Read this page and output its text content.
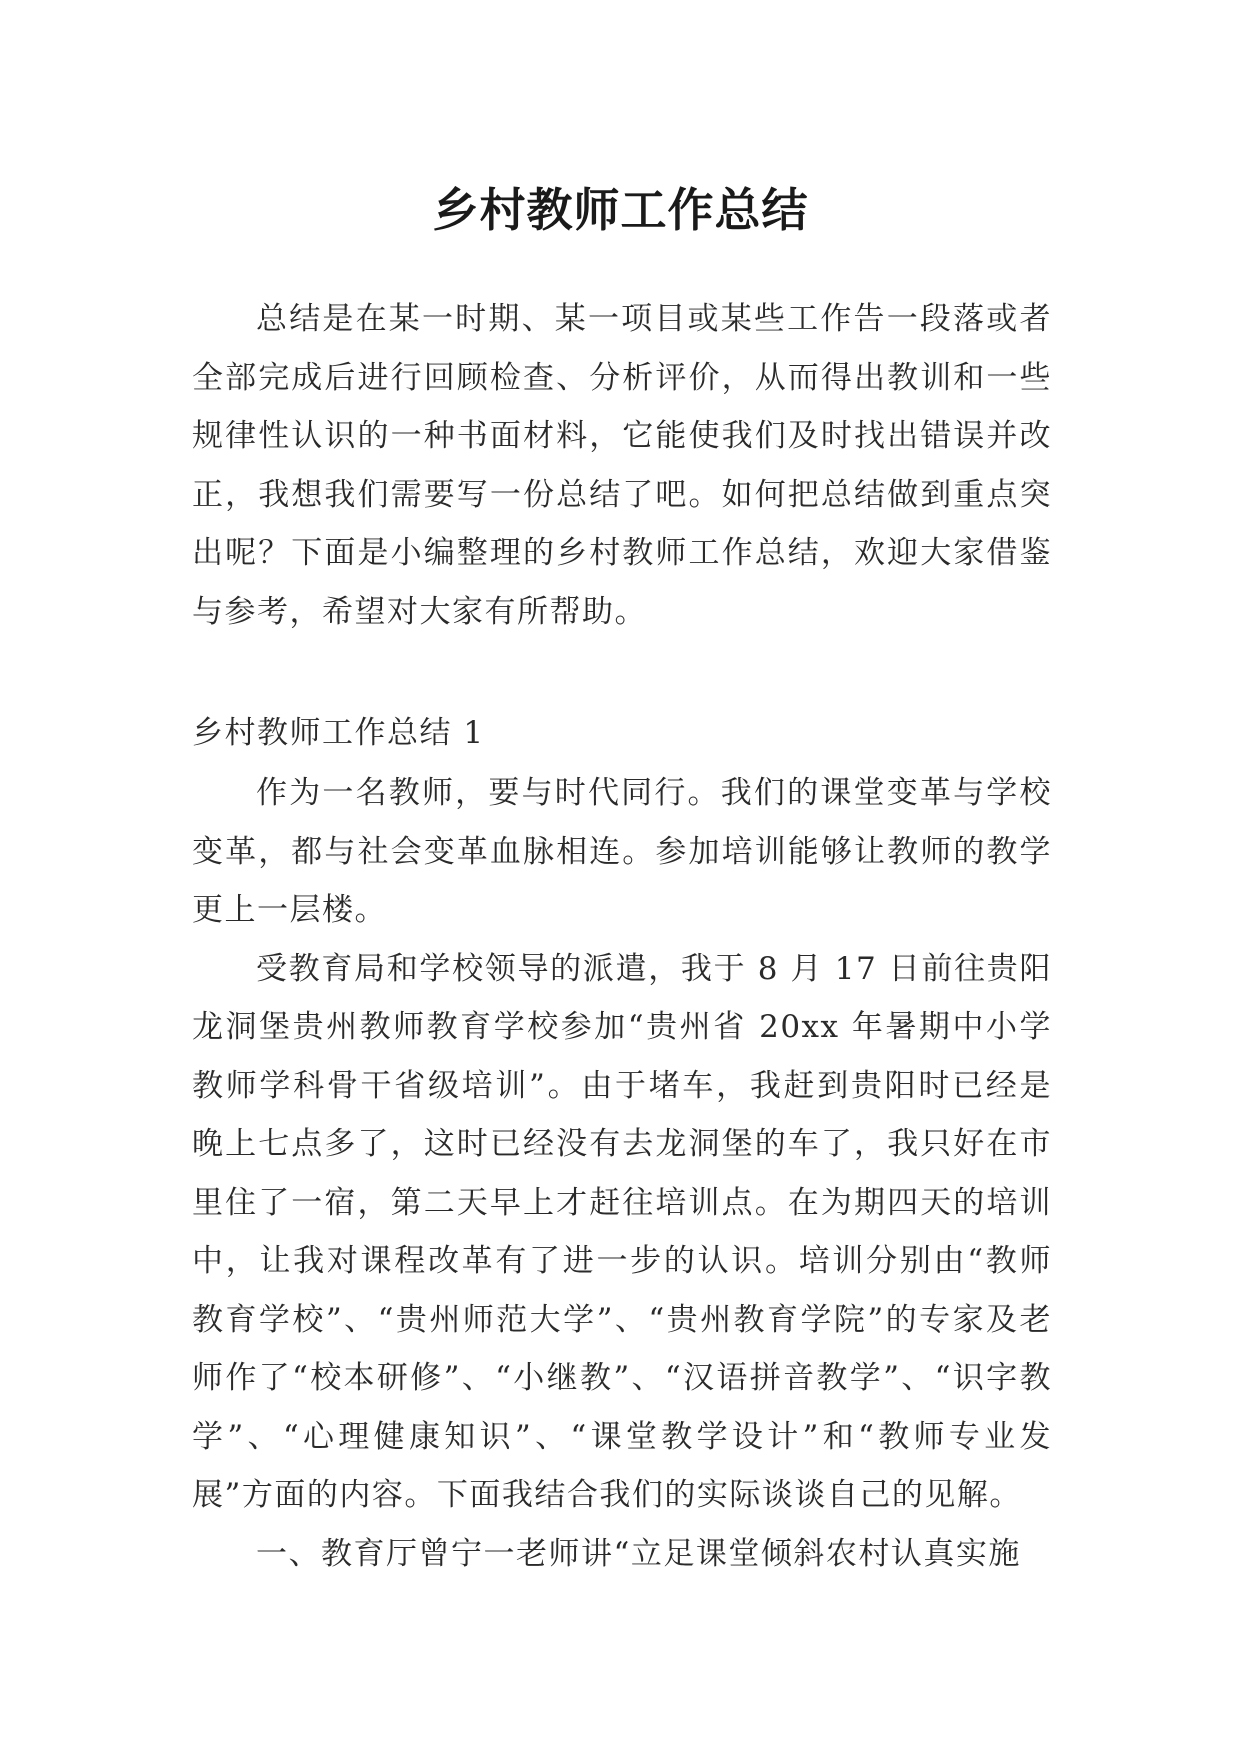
乡村教师工作总结

总结是在某一时期、某一项目或某些工作告一段落或者全部完成后进行回顾检查、分析评价，从而得出教训和一些规律性认识的一种书面材料，它能使我们及时找出错误并改正，我想我们需要写一份总结了吧。如何把总结做到重点突出呢？下面是小编整理的乡村教师工作总结，欢迎大家借鉴与参考，希望对大家有所帮助。

乡村教师工作总结 1

作为一名教师，要与时代同行。我们的课堂变革与学校变革，都与社会变革血脉相连。参加培训能够让教师的教学更上一层楼。

受教育局和学校领导的派遣，我于 8 月 17 日前往贵阳龙洞堡贵州教师教育学校参加“贵州省 20xx 年暑期中小学教师学科骨干省级培训”。由于堵车，我赶到贵阳时已经是晚上七点多了，这时已经没有去龙洞堡的车了，我只好在市里住了一宿，第二天早上才赶往培训点。在为期四天的培训中，让我对课程改革有了进一步的认识。培训分别由“教师教育学校”、“贵州师范大学”、“贵州教育学院”的专家及老师作了“校本研修”、“小继教”、“汉语拼音教学”、“识字教学”、“心理健康知识”、“课堂教学设计”和“教师专业发展”方面的内容。下面我结合我们的实际谈谈自己的见解。

一、教育厅曾宁一老师讲“立足课堂倾斜农村认真实施
